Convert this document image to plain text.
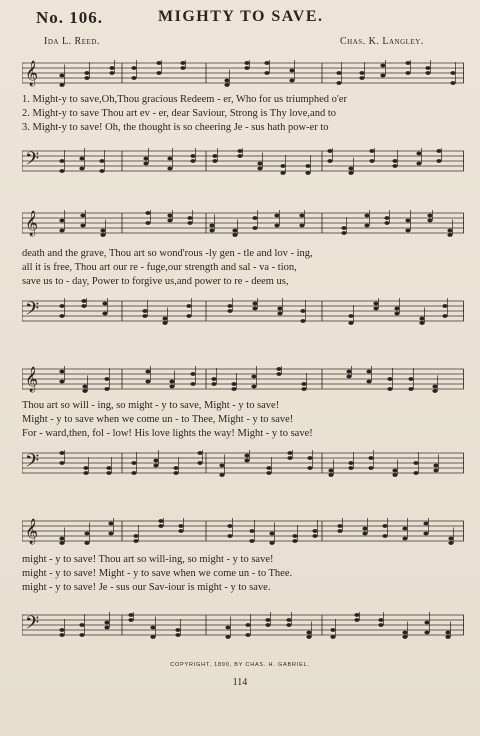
No. 106.	MIGHTY TO SAVE.
Ida L. Reed.	Chas. K. Langley.
𝄞
1. Might-y to save,Oh,Thou gracious Redeem - er, Who for us triumphed o'er
2. Might-y to save Thou art ev - er, dear Saviour, Strong is Thy love,and to
3. Might-y to save! Oh, the thought is so cheering Je - sus hath pow-er to
𝄢
𝄞
death and the grave, Thou art so wond'rous -ly gen - tle and lov - ing,
all it is free, Thou art our re - fuge,our strength and sal - va - tion,
save us to - day, Power to forgive us,and power to re - deem us,
𝄢
𝄞
Thou art so will - ing, so might - y to save, Might - y to save!
Might - y to save when we come un - to Thee, Might - y to save!
For - ward,then, fol - low! His love lights the way! Might - y to save!
𝄢
𝄞
might - y to save! Thou art so will-ing, so might - y to save!
might - y to save! Might - y to save when we come un - to Thee.
might - y to save! Je - sus our Sav-iour is might - y to save.
𝄢
COPYRIGHT, 1890, BY CHAS. H. GABRIEL.
114
